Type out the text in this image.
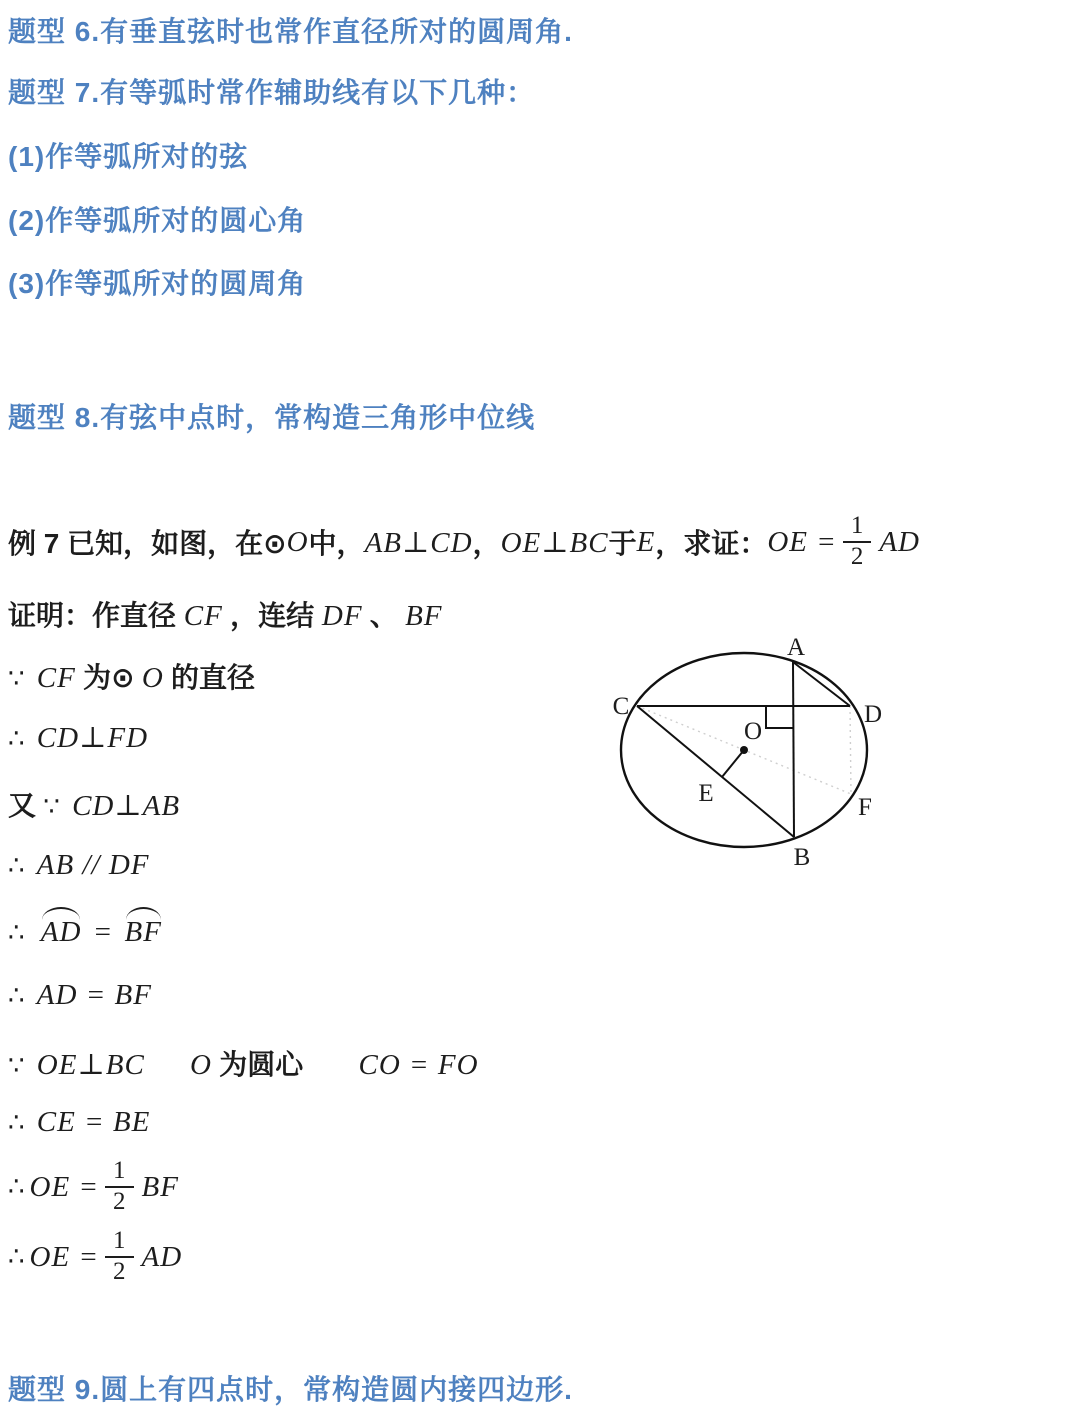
题型 6.有垂直弦时也常作直径所对的圆周角.
题型 7.有等弧时常作辅助线有以下几种：
(1)作等弧所对的弦
(2)作等弧所对的圆心角
(3)作等弧所对的圆周角
题型 8.有弦中点时，常构造三角形中位线
例 7 已知，如图，在⊙ O 中， AB⊥CD ， OE⊥BC 于 E ，求证： OE = $\frac{1}{2}$ AD
证明：作直径 CF ，连结 DF 、 BF
∵ CF 为⊙ O 的直径
∴ CD⊥FD
又 ∵ CD⊥AB
∴ AB // DF
∴ AD = BF
∴ AD = BF
∵ OE⊥BC O 为圆心 CO = FO
∴ CE = BE
∴ OE = $\frac{1}{2}$ BF
∴ OE = $\frac{1}{2}$ AD
题型 9.圆上有四点时，常构造圆内接四边形.
A
B
C	D
E
F
O
